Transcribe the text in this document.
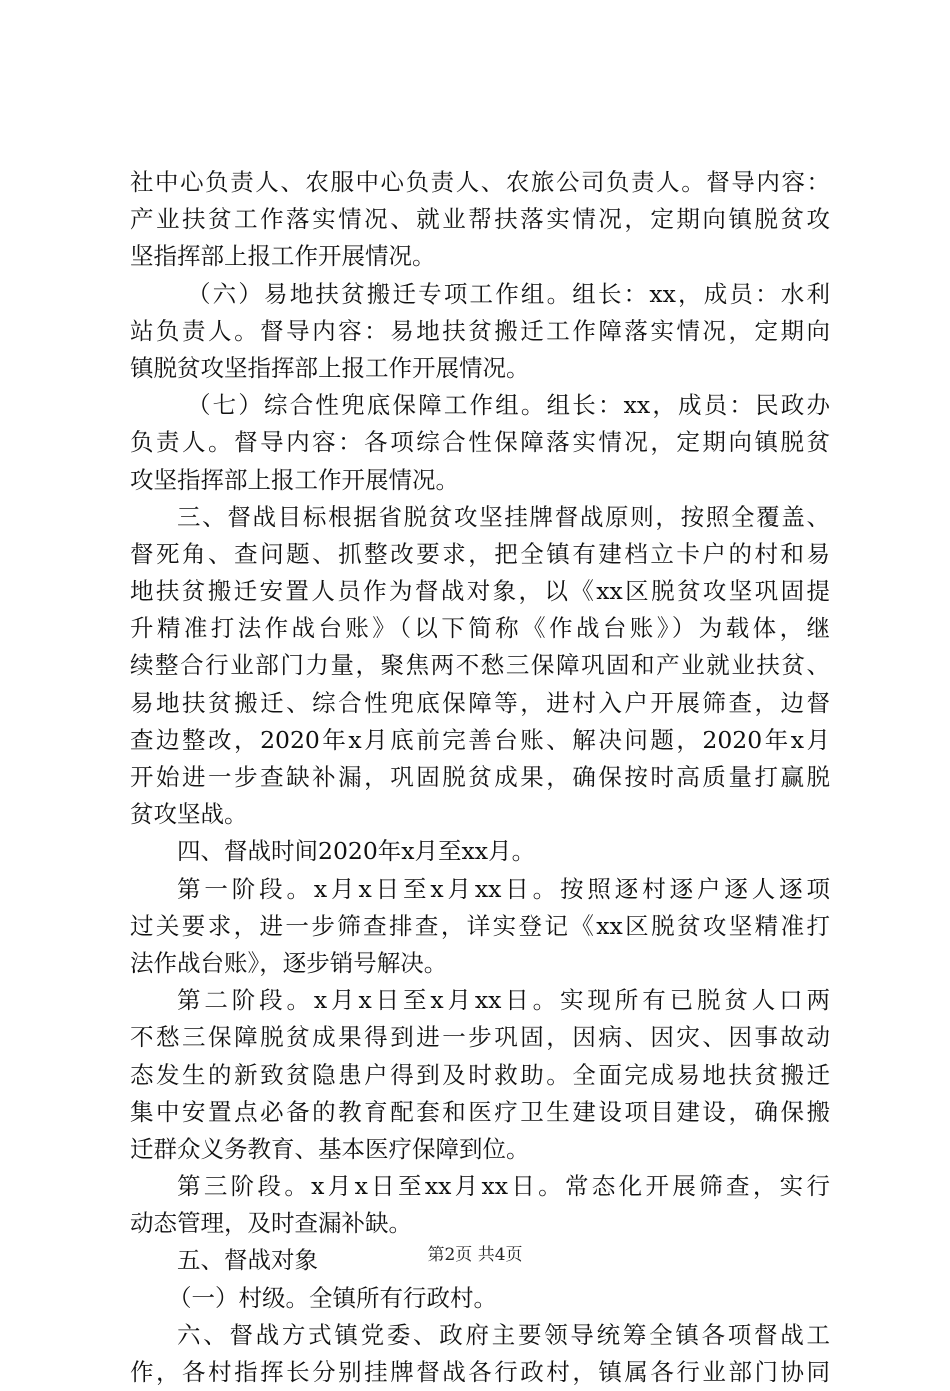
社中心负责人、农服中心负责人、农旅公司负责人。督导内容：
产业扶贫工作落实情况、就业帮扶落实情况，定期向镇脱贫攻
坚指挥部上报工作开展情况。
（六）易地扶贫搬迁专项工作组。组长：xx，成员：水利
站负责人。督导内容：易地扶贫搬迁工作障落实情况，定期向
镇脱贫攻坚指挥部上报工作开展情况。
（七）综合性兜底保障工作组。组长：xx，成员：民政办
负责人。督导内容：各项综合性保障落实情况，定期向镇脱贫
攻坚指挥部上报工作开展情况。
三、督战目标根据省脱贫攻坚挂牌督战原则，按照全覆盖、
督死角、查问题、抓整改要求，把全镇有建档立卡户的村和易
地扶贫搬迁安置人员作为督战对象，以《xx区脱贫攻坚巩固提
升精准打法作战台账》（以下简称《作战台账》）为载体，继
续整合行业部门力量，聚焦两不愁三保障巩固和产业就业扶贫、
易地扶贫搬迁、综合性兜底保障等，进村入户开展筛查，边督
查边整改，2020年x月底前完善台账、解决问题，2020年x月
开始进一步查缺补漏，巩固脱贫成果，确保按时高质量打赢脱
贫攻坚战。
四、督战时间2020年x月至xx月。
第一阶段。x月x日至x月xx日。按照逐村逐户逐人逐项
过关要求，进一步筛查排查，详实登记《xx区脱贫攻坚精准打
法作战台账》，逐步销号解决。
第二阶段。x月x日至x月xx日。实现所有已脱贫人口两
不愁三保障脱贫成果得到进一步巩固，因病、因灾、因事故动
态发生的新致贫隐患户得到及时救助。全面完成易地扶贫搬迁
集中安置点必备的教育配套和医疗卫生建设项目建设，确保搬
迁群众义务教育、基本医疗保障到位。
第三阶段。x月x日至xx月xx日。常态化开展筛查，实行
动态管理，及时查漏补缺。
五、督战对象
（一）村级。全镇所有行政村。
六、督战方式镇党委、政府主要领导统筹全镇各项督战工
作，各村指挥长分别挂牌督战各行政村，镇属各行业部门协同
第2页 共4页
